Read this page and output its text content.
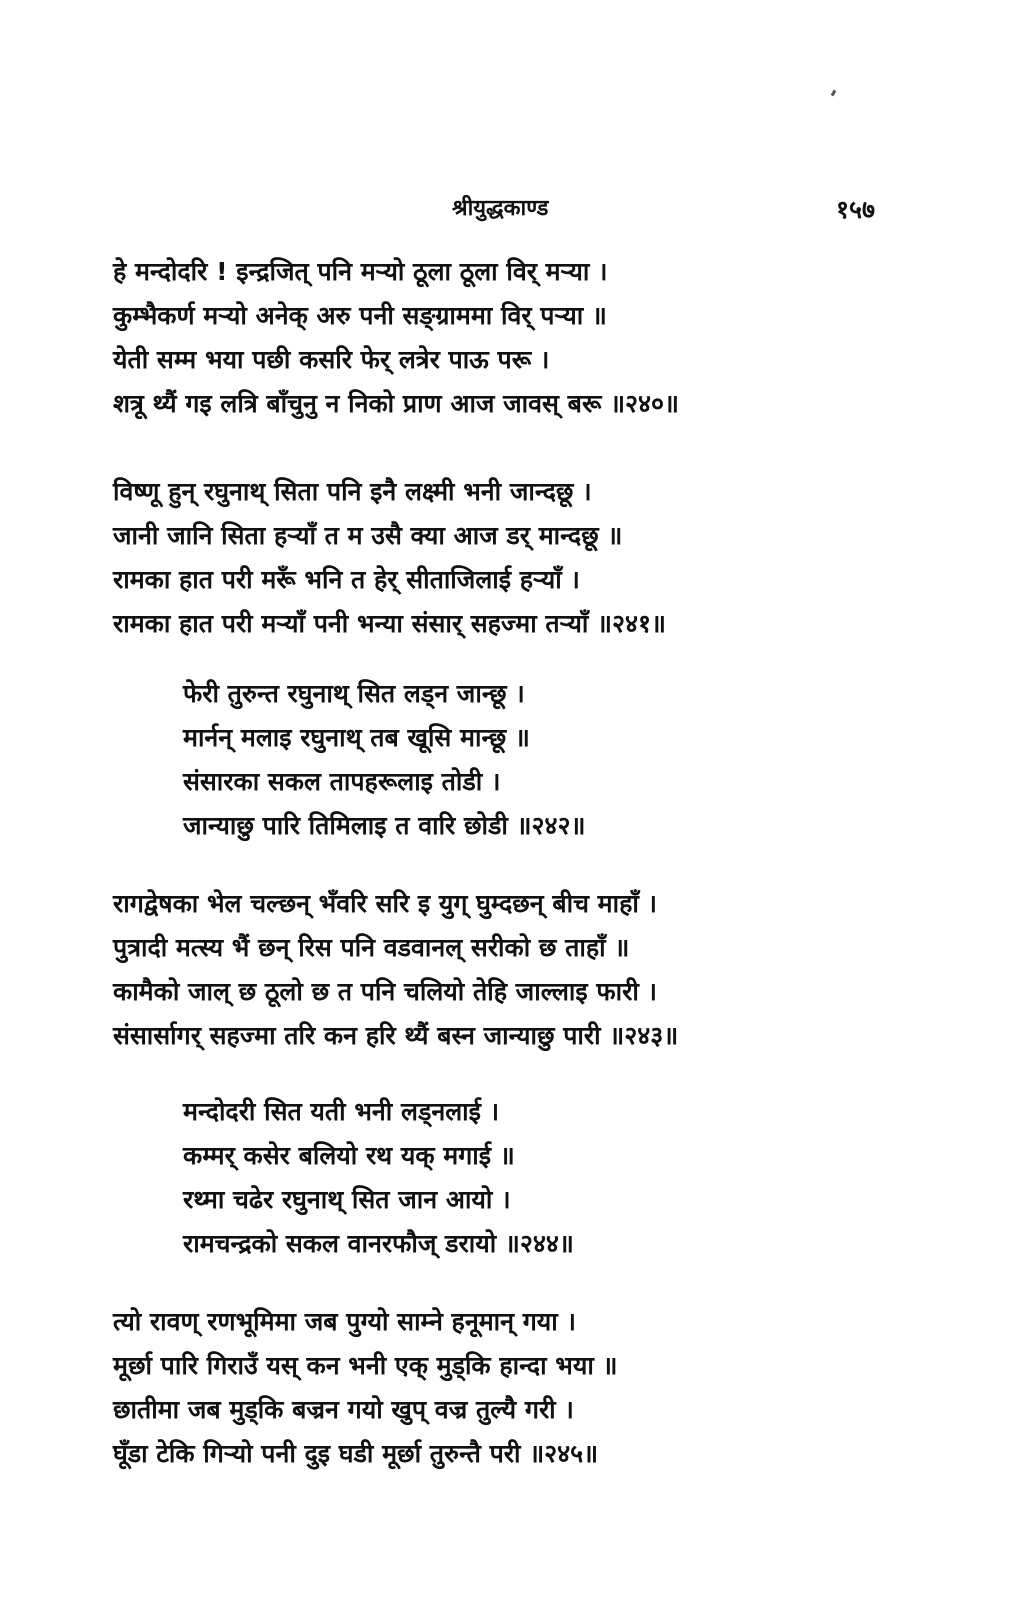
श्रीयुद्धकाण्ड	१५७
हे मन्दोदरि ! इन्द्रजित् पनि मऱ्यो ठूला ठूला विर् मऱ्या ।
कुम्भैकर्ण मऱ्यो अनेक् अरु पनी सङ्ग्राममा विर् पऱ्या ॥
येती सम्म भया पछी कसरि फेर् लत्रेर पाऊ परू ।
शत्रू थ्यैं गइ लत्रि बाँचुनु न निको प्राण आज जावस् बरू ॥२४०॥
विष्णू हुन् रघुनाथ् सिता पनि इनै लक्ष्मी भनी जान्दछू ।
जानी जानि सिता हऱ्याँ त म उसै क्या आज डर् मान्दछू ॥
रामका हात परी मरूँ भनि त हेर् सीताजिलाई हऱ्याँ ।
रामका हात परी मऱ्याँ पनी भन्या संसार् सहज्मा तऱ्याँ ॥२४१॥
फेरी तुरुन्त रघुनाथ् सित लड्न जान्छू ।
मार्नन् मलाइ रघुनाथ् तब खूसि मान्छू ॥
संसारका सकल तापहरूलाइ तोडी ।
जान्याछु पारि तिमिलाइ त वारि छोडी ॥२४२॥
रागद्वेषका भेल चल्छन् भँवरि सरि इ युग् घुम्दछन् बीच माहाँ ।
पुत्रादी मत्स्य भैं छन् रिस पनि वडवानल् सरीको छ ताहाँ ॥
कामैको जाल् छ ठूलो छ त पनि चलियो तेहि जाल्लाइ फारी ।
संसार्सागर् सहज्मा तरि कन हरि थ्यैं बस्न जान्याछु पारी ॥२४३॥
मन्दोदरी सित यती भनी लड्नलाई ।
कम्मर् कसेर बलियो रथ यक् मगाई ॥
रथ्मा चढेर रघुनाथ् सित जान आयो ।
रामचन्द्रको सकल वानरफौज् डरायो ॥२४४॥
त्यो रावण् रणभूमिमा जब पुग्यो साम्ने हनूमान् गया ।
मूर्छा पारि गिराउँ यस् कन भनी एक् मुड्कि हान्दा भया ॥
छातीमा जब मुड्कि बज्रन गयो खुप् वज्र तुल्यै गरी ।
घूँडा टेकि गिऱ्यो पनी दुइ घडी मूर्छा तुरुन्तै परी ॥२४५॥
